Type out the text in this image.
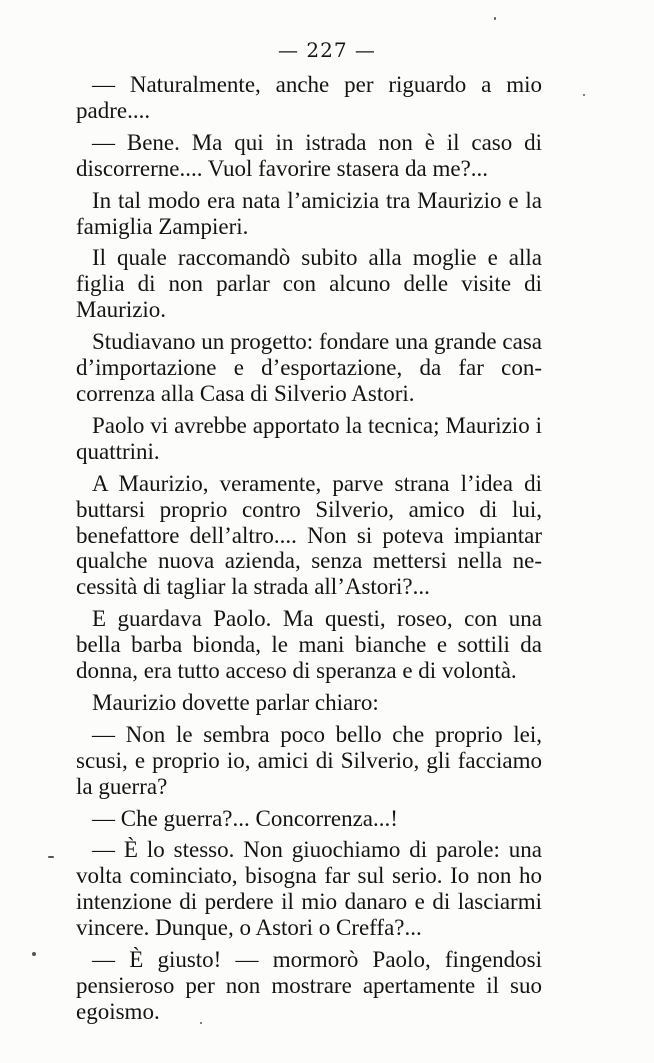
— 227 —

— Naturalmente, anche per riguardo a mio padre....

— Bene. Ma qui in istrada non è il caso di discorrerne.... Vuol favorire stasera da me?...

In tal modo era nata l’amicizia tra Maurizio e la famiglia Zampieri.

Il quale raccomandò subito alla moglie e alla figlia di non parlar con alcuno delle visite di Maurizio.

Studiavano un progetto: fondare una grande casa d’importazione e d’esportazione, da far concorrenza alla Casa di Silverio Astori.

Paolo vi avrebbe apportato la tecnica; Maurizio i quattrini.

A Maurizio, veramente, parve strana l’idea di buttarsi proprio contro Silverio, amico di lui, benefattore dell’altro.... Non si poteva impiantar qualche nuova azienda, senza mettersi nella necessità di tagliar la strada all’Astori?...

E guardava Paolo. Ma questi, roseo, con una bella barba bionda, le mani bianche e sottili da donna, era tutto acceso di speranza e di volontà.

Maurizio dovette parlar chiaro:

— Non le sembra poco bello che proprio lei, scusi, e proprio io, amici di Silverio, gli facciamo la guerra?

— Che guerra?... Concorrenza...!

— È lo stesso. Non giuochiamo di parole: una volta cominciato, bisogna far sul serio. Io non ho intenzione di perdere il mio danaro e di lasciarmi vincere. Dunque, o Astori o Creffa?...

— È giusto! — mormorò Paolo, fingendosi pensieroso per non mostrare apertamente il suo egoismo.
